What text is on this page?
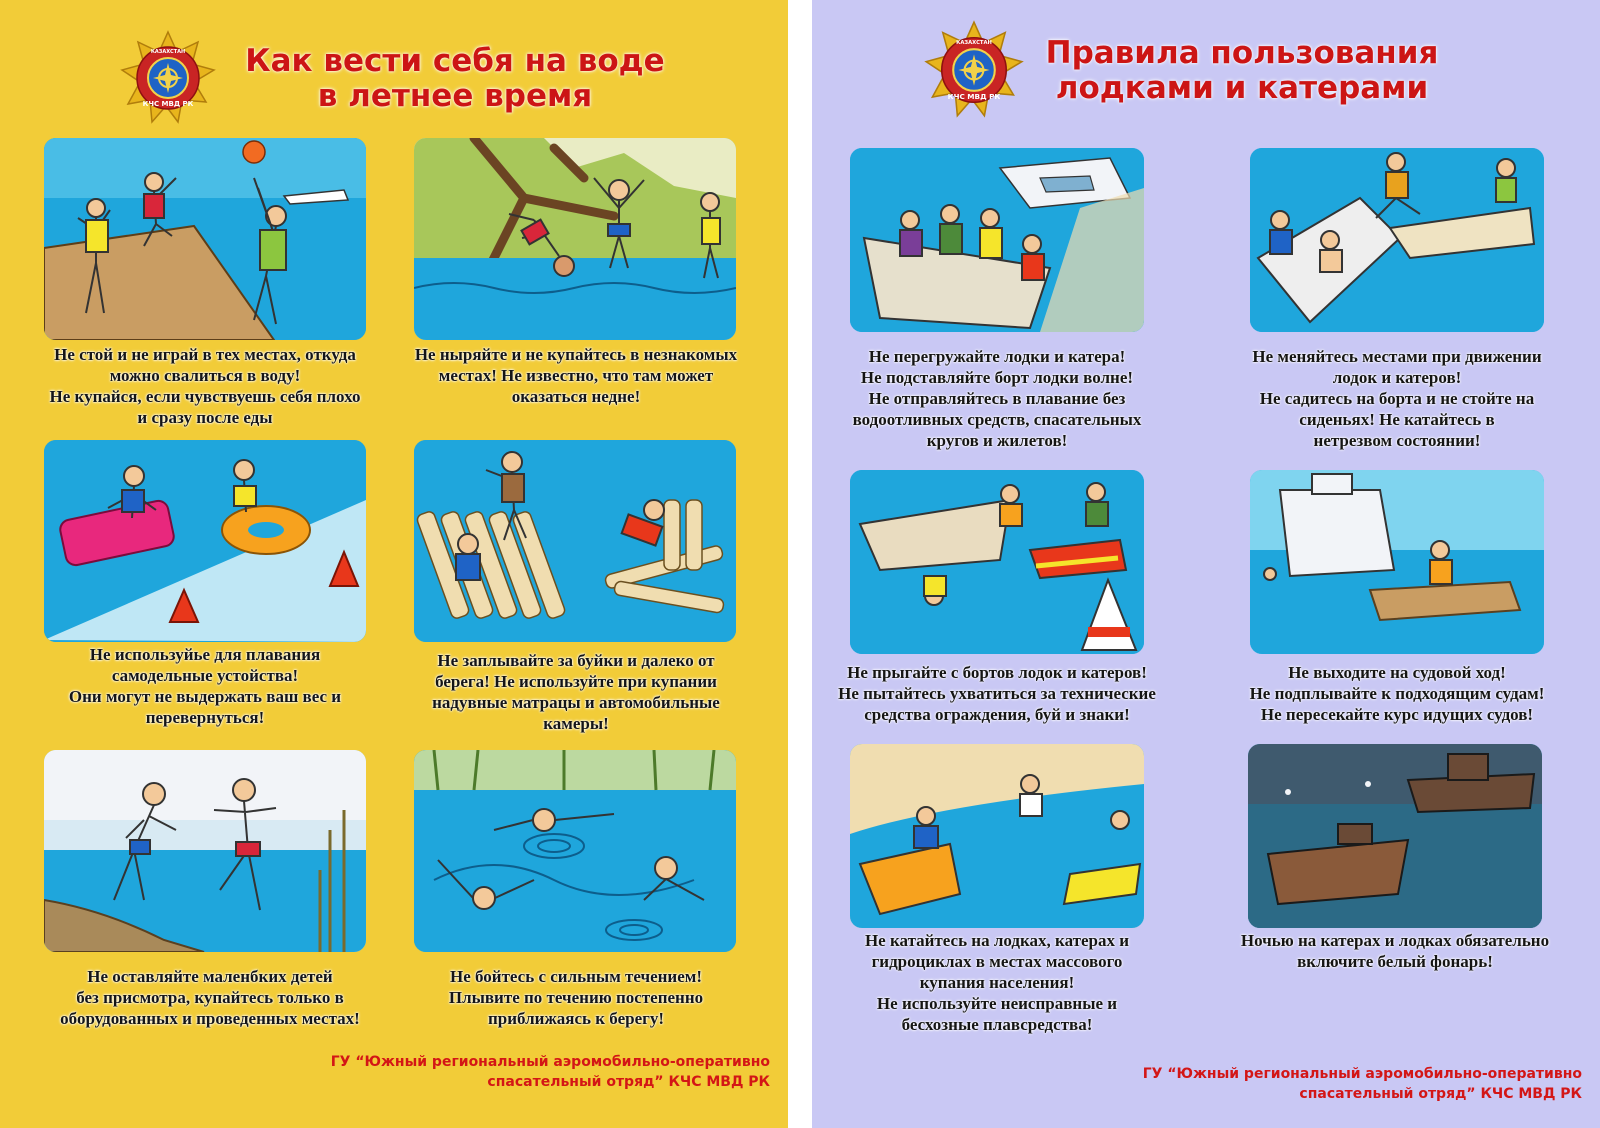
КАЗАХСТАН
КЧС МВД РК
Как вести себя на воде
в летнее время
Не стой и не играй в тех местах, откуда
можно свалиться в воду!
Не купайся, если чувствуешь себя плохо
и сразу после еды
Не ныряйте и не купайтесь в незнакомых
местах! Не известно, что там может
оказаться недне!
Не используйье для плавания
самодельные устойства!
Они могут не выдержать ваш вес и
перевернуться!
Не заплывайте за буйки и далеко от
берега! Не используйте при купании
надувные матрацы и автомобильные
камеры!
Не оставляйте маленбких детей
без присмотра, купайтесь только в
оборудованных и проведенных местах!
Не бойтесь с сильным течением!
Плывите по течению постепенно
приближаясь к берегу!
ГУ “Южный региональный аэромобильно-оперативно
спасательный отряд” КЧС МВД РК
КАЗАХСТАН
КЧС МВД РК
Правила пользования
лодками и катерами
Не перегружайте лодки и катера!
Не подставляйте борт лодки волне!
Не отправляйтесь в плавание без
водоотливных средств, спасательных
кругов и жилетов!
Не меняйтесь местами при движении
лодок и катеров!
Не садитесь на борта и не стойте на
сиденьях! Не катайтесь в
нетрезвом состоянии!
Не прыгайте с бортов лодок и катеров!
Не пытайтесь ухватиться за технические
средства ограждения, буй и знаки!
Не выходите на судовой ход!
Не подплывайте к подходящим судам!
Не пересекайте курс идущих судов!
Не катайтесь на лодках, катерах и
гидроциклах в местах массового
купания населения!
Не используйте неисправные и
бесхозные плавсредства!
Ночью на катерах и лодках обязательно
включите белый фонарь!
ГУ “Южный региональный аэромобильно-оперативно
спасательный отряд” КЧС МВД РК
